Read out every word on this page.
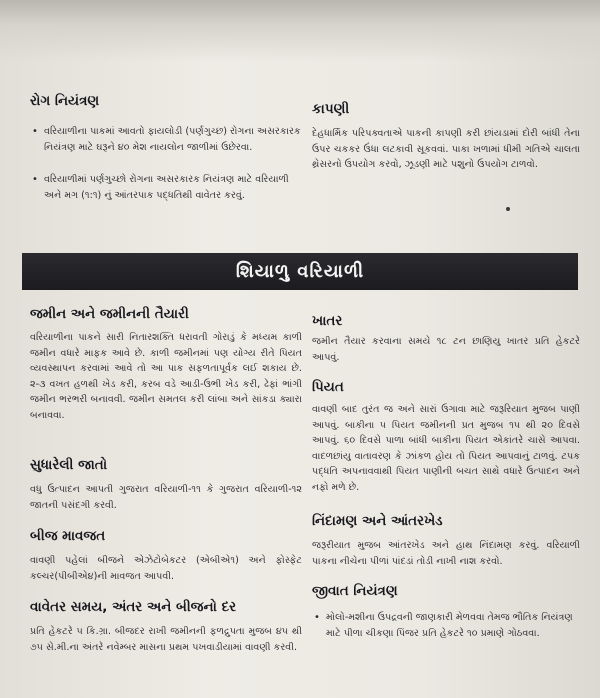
રોગ નિયંત્રણ
• વરિયાળીના પાકમાં આવતો ફાયલોડી (પર્ણગુચ્છ) રોગના અસરકારક નિયંત્રણ માટે ઘરૂને ૪૦ મેશ નાયલોન જાળીમાં ઉછેરવા.
• વરિયાળીમાં પર્ણગુચ્છો રોગના અસરકારક નિયંત્રણ માટે વરિયાળી અને મગ (૧:૧) નું આંતરપાક પદ્ધતિથી વાવેતર કરવું.
કાપણી
દેહધાર્મિક પરિપક્વતાએ પાકની કાપણી કરી છાંયડામાં દોરી બાંધી તેના ઉપર ચકકર ઉંધા લટકાવી સૂકવવાં. પાકા ખળામાં ધીમી ગતિએ ચાલતા થ્રેસરનો ઉપયોગ કરવો, ઝૂડણી માટે પશુનો ઉપયોગ ટાળવો.
શિયાળુ વરિયાળી
જમીન અને જમીનની તૈયારી
વરિયાળીના પાકને સારી નિતારશક્તિ ધરાવતી ગોરાડું કે મધ્યમ કાળી જમીન વધારે માફક આવે છે. કાળી જમીનમાં પણ યોગ્ય રીતે પિયત વ્યવસ્થાપન કરવામાં આવે તો આ પાક સફળતાપૂર્વક લઈ શકાય છે. ૨-૩ વખત હળથી ખેડ કરી, કરબ વડે આડી-ઉભી ખેડ કરી, ઢેફાં ભાંગી જમીન ભરભરી બનાવવી. જમીન સમતલ કરી લાંબા અને સાંકડા ક્યારા બનાવવા.
સુધારેલી જાતો
વધુ ઉત્પાદન આપતી ગુજરાત વરિયાળી-૧૧ કે ગુજરાત વરિયાળી-૧૨ જાતની પસંદગી કરવી.
બીજ માવજત
વાવણી પહેલાં બીજને એઝેટોબેકટર (એબીએ૧) અને ફોસ્ફેટ કલ્ચર(પીબીએ૪)ની માવજત આપવી.
વાવેતર સમય, અંતર અને બીજનો દર
પ્રતિ હેકટરે ૫ કિ.ગ્રા. બીજદર રાખી જમીનની ફળદ્રુપતા મુજબ ૪૫ થી ૭૫ સે.મી.ના અંતરે નવેમ્બર માસના પ્રથમ પખવાડીયામાં વાવણી કરવી.
ખાતર
જમીન તૈયાર કરવાના સમયે ૧૮ ટન છાણિયુ ખાતર પ્રતિ હેકટરે આપવું.
પિયત
વાવણી બાદ તુરંત જ અને સારાં ઉગાવા માટે જરૂરિયાત મુજબ પાણી આપવું. બાકીના ૫ પિયત જમીનની પ્રત મુજબ ૧૫ થી ૨૦ દિવસે આપવું. ૬૦ દિવસે પાળા બાંધી બાકીના પિયત એકાંતરે ચાસે આપવા. વાદળછાંયુ વાતાવરણ કે ઝાંકળ હોય તો પિયત આપવાનું ટાળવું. ટપક પદ્ધતિ અપનાવવાથી પિયત પાણીની બચત સાથે વધારે ઉત્પાદન અને નફો મળે છે.
નિંદામણ અને આંતરખેડ
જરૂરીયાત મુજબ આંતરખેડ અને હાથ નિંદામણ કરવું. વરિયાળી પાકના નીચેના પીળાં પાંદડાં તોડી નાખી નાશ કરવો.
જીવાત નિયંત્રણ
• મોલો-મશીના ઉપદ્રવની જાણકારી મેળવવા તેમજ ભૌતિક નિયંત્રણ માટે પીળા ચીકણા પિંજર પ્રતિ હેકટરે ૧૦ પ્રમાણે ગોઠવવા.
